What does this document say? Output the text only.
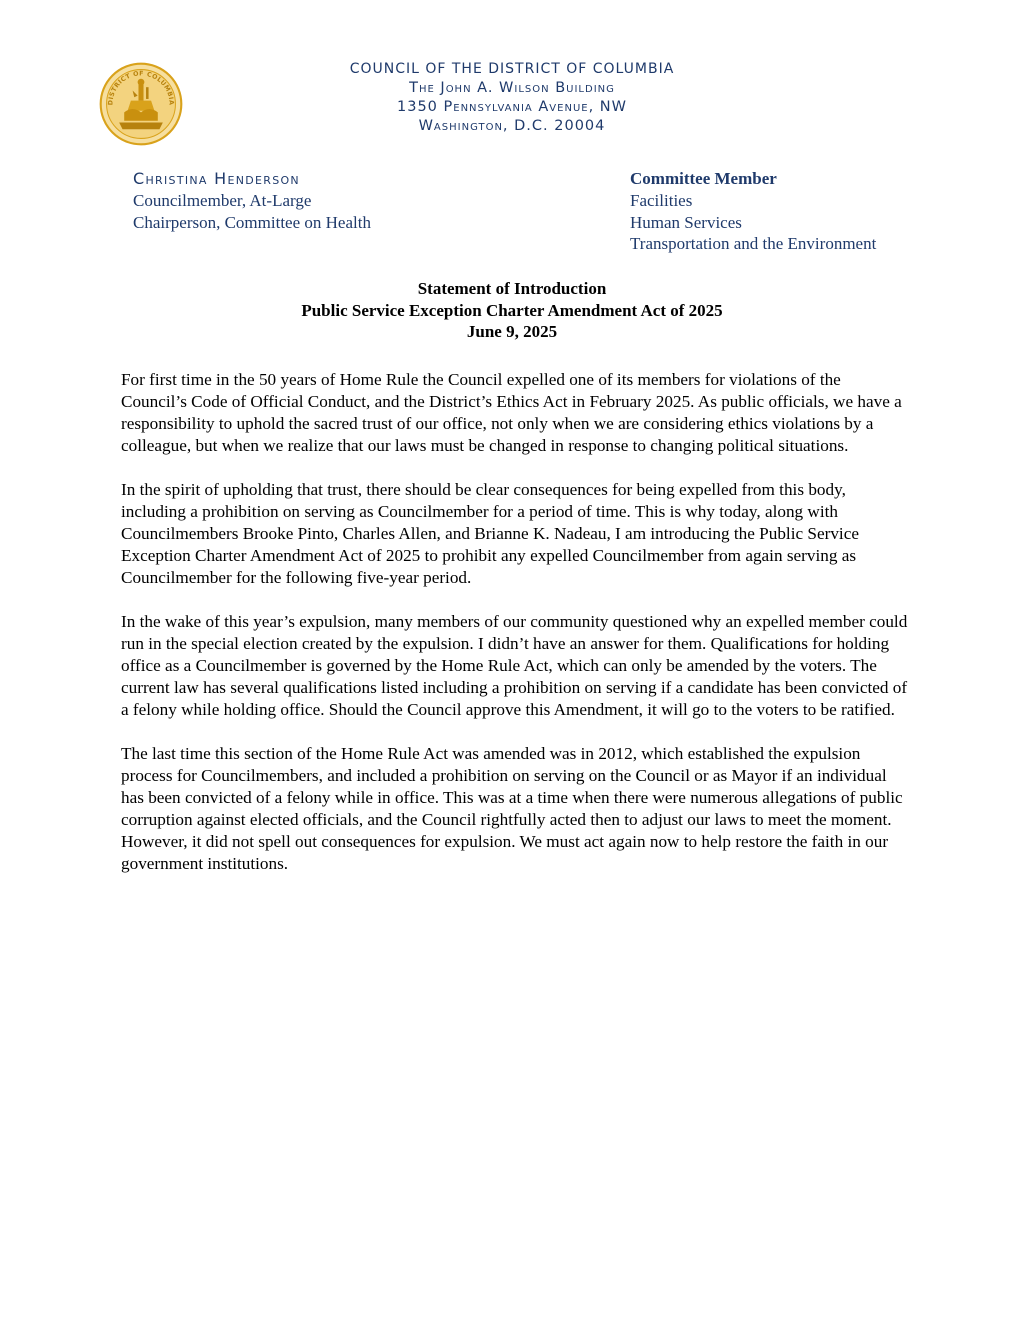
DISTRICT OF COLUMBIA
COUNCIL OF THE DISTRICT OF COLUMBIA
The John A. Wilson Building
1350 Pennsylvania Avenue, NW
Washington, D.C. 20004
Christina Henderson
Councilmember, At-Large
Chairperson, Committee on Health
Committee Member
Facilities
Human Services
Transportation and the Environment
Statement of Introduction
Public Service Exception Charter Amendment Act of 2025
June 9, 2025

For first time in the 50 years of Home Rule the Council expelled one of its members for violations of the Council’s Code of Official Conduct, and the District’s Ethics Act in February 2025. As public officials, we have a responsibility to uphold the sacred trust of our office, not only when we are considering ethics violations by a colleague, but when we realize that our laws must be changed in response to changing political situations.

In the spirit of upholding that trust, there should be clear consequences for being expelled from this body, including a prohibition on serving as Councilmember for a period of time. This is why today, along with Councilmembers Brooke Pinto, Charles Allen, and Brianne K. Nadeau, I am introducing the Public Service Exception Charter Amendment Act of 2025 to prohibit any expelled Councilmember from again serving as Councilmember for the following five-year period.

In the wake of this year’s expulsion, many members of our community questioned why an expelled member could run in the special election created by the expulsion. I didn’t have an answer for them. Qualifications for holding office as a Councilmember is governed by the Home Rule Act, which can only be amended by the voters. The current law has several qualifications listed including a prohibition on serving if a candidate has been convicted of a felony while holding office. Should the Council approve this Amendment, it will go to the voters to be ratified.

The last time this section of the Home Rule Act was amended was in 2012, which established the expulsion process for Councilmembers, and included a prohibition on serving on the Council or as Mayor if an individual has been convicted of a felony while in office. This was at a time when there were numerous allegations of public corruption against elected officials, and the Council rightfully acted then to adjust our laws to meet the moment. However, it did not spell out consequences for expulsion. We must act again now to help restore the faith in our government institutions.
